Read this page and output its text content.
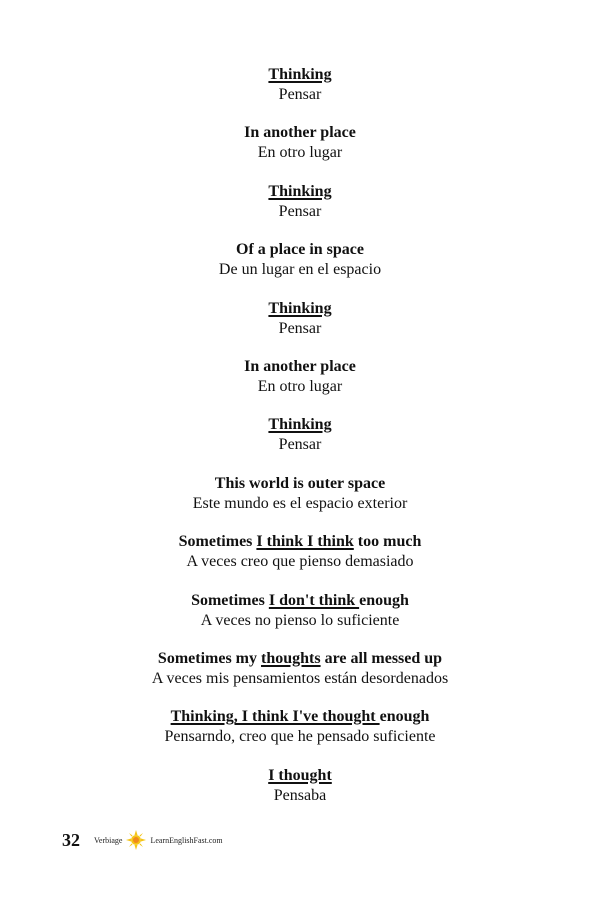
Thinking
Pensar
In another place
En otro lugar
Thinking
Pensar
Of a place in space
De un lugar en el espacio
Thinking
Pensar
In another place
En otro lugar
Thinking
Pensar
This world is outer space
Este mundo es el espacio exterior
Sometimes I think I think too much
A veces creo que pienso demasiado
Sometimes I don't think enough
A veces no pienso lo suficiente
Sometimes my thoughts are all messed up
A veces mis pensamientos están desordenados
Thinking, I think I've thought enough
Pensarndo, creo que he pensado suficiente
I thought
Pensaba
32 Verbiage	LearnEnglishFast.com
